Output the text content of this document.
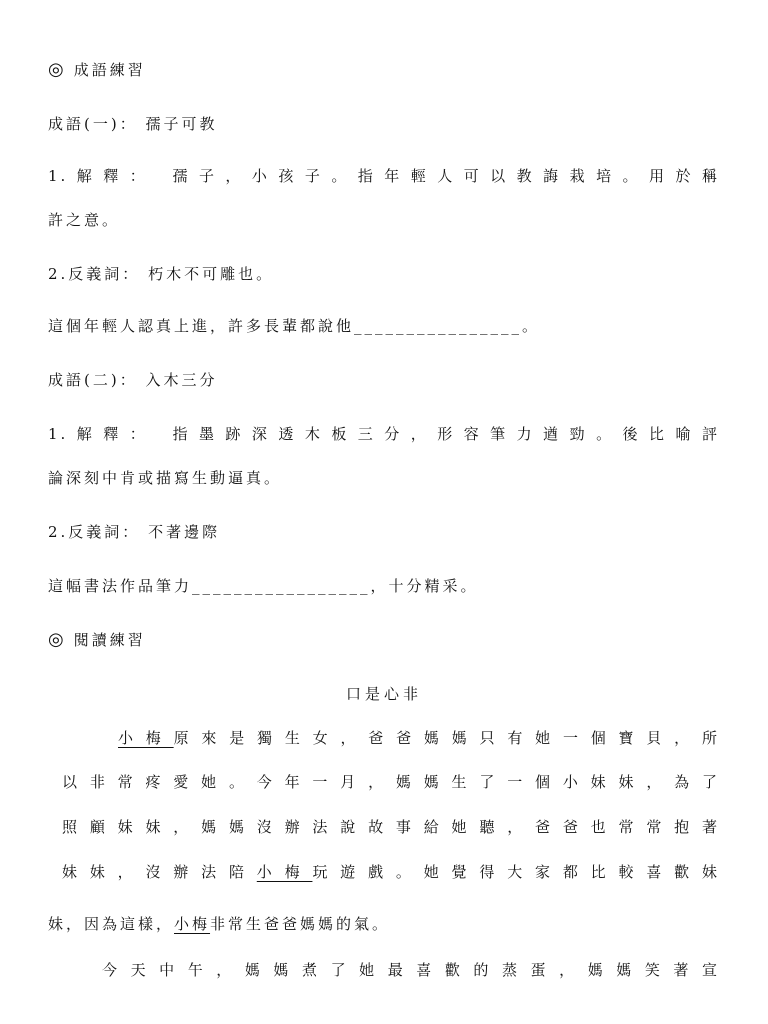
◎ 成語練習
成語(一)： 孺子可教
1.解釋： 孺子，小孩子。指年輕人可以教誨栽培。用於稱
許之意。
2.反義詞： 朽木不可雕也。
這個年輕人認真上進，許多長輩都說他________________。
成語(二)： 入木三分
1.解釋： 指墨跡深透木板三分，形容筆力遒勁。後比喻評
論深刻中肯或描寫生動逼真。
2.反義詞： 不著邊際
這幅書法作品筆力_________________，十分精采。
◎ 閱讀練習
口是心非
小梅原來是獨生女，爸爸媽媽只有她一個寶貝，所
以非常疼愛她。今年一月，媽媽生了一個小妹妹，為了
照顧妹妹，媽媽沒辦法說故事給她聽，爸爸也常常抱著
妹妹，沒辦法陪小梅玩遊戲。她覺得大家都比較喜歡妹
妹，因為這樣，小梅非常生爸爸媽媽的氣。
今天中午，媽媽煮了她最喜歡的蒸蛋，媽媽笑著宣
